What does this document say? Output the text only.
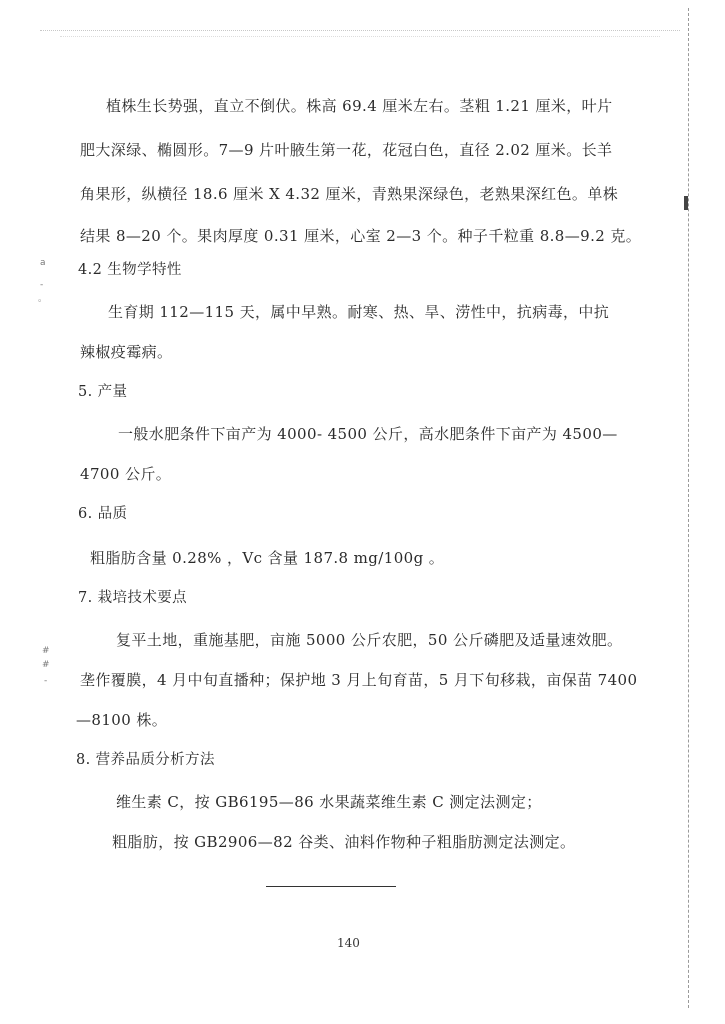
a
-
。
#
#
-
植株生长势强，直立不倒伏。株高 69.4 厘米左右。茎粗 1.21 厘米，叶片
肥大深绿、椭圆形。7—9 片叶腋生第一花，花冠白色，直径 2.02 厘米。长羊
角果形，纵横径 18.6 厘米 X 4.32 厘米，青熟果深绿色，老熟果深红色。单株
结果 8—20 个。果肉厚度 0.31 厘米，心室 2—3 个。种子千粒重 8.8—9.2 克。
4.2 生物学特性
生育期 112—115 天，属中早熟。耐寒、热、旱、涝性中，抗病毒，中抗
辣椒疫霉病。
5. 产量
一般水肥条件下亩产为 4000- 4500 公斤，高水肥条件下亩产为 4500—
4700 公斤。
6. 品质
粗脂肪含量 0.28% ，Vc 含量 187.8 mg/100g 。
7. 栽培技术要点
复平土地，重施基肥，亩施 5000 公斤农肥，50 公斤磷肥及适量速效肥。
垄作覆膜，4 月中旬直播种；保护地 3 月上旬育苗，5 月下旬移栽，亩保苗 7400
—8100 株。
8. 营养品质分析方法
维生素 C，按 GB6195—86 水果蔬菜维生素 C 测定法测定；
粗脂肪，按 GB2906—82 谷类、油料作物种子粗脂肪测定法测定。
140
